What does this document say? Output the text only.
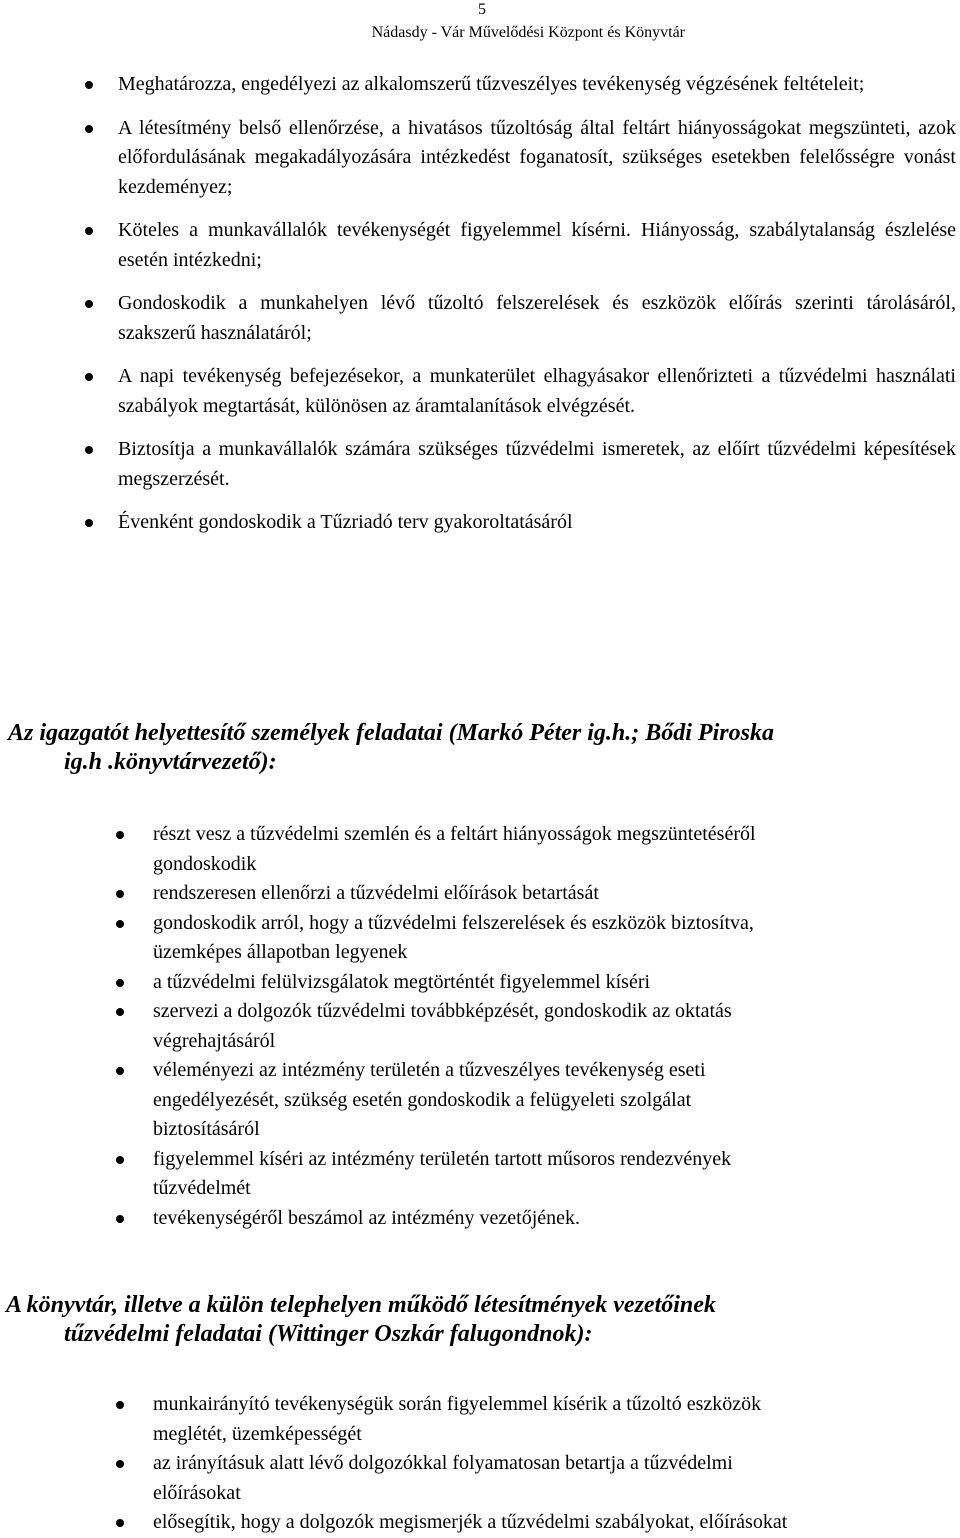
5
Nádasdy - Vár Művelődési Központ és Könyvtár
Meghatározza, engedélyezi az alkalomszerű tűzveszélyes tevékenység végzésének feltételeit;
A létesítmény belső ellenőrzése, a hivatásos tűzoltóság által feltárt hiányosságokat megszünteti, azok előfordulásának megakadályozására intézkedést foganatosít, szükséges esetekben felelősségre vonást kezdeményez;
Köteles a munkavállalók tevékenységét figyelemmel kísérni. Hiányosság, szabálytalanság észlelése esetén intézkedni;
Gondoskodik a munkahelyen lévő tűzoltó felszerelések és eszközök előírás szerinti tárolásáról, szakszerű használatáról;
A napi tevékenység befejezésekor, a munkaterület elhagyásakor ellenőrizteti a tűzvédelmi használati szabályok megtartását, különösen az áramtalanítások elvégzését.
Biztosítja a munkavállalók számára szükséges tűzvédelmi ismeretek, az előírt tűzvédelmi képesítések megszerzését.
Évenként gondoskodik a Tűzriadó terv gyakoroltatásáról
Az igazgatót helyettesítő személyek feladatai (Markó Péter ig.h.; Bődi Piroska
ig.h .könyvtárvezető):
részt vesz a tűzvédelmi szemlén és a feltárt hiányosságok megszüntetéséről
gondoskodik
rendszeresen ellenőrzi a tűzvédelmi előírások betartását
gondoskodik arról, hogy a tűzvédelmi felszerelések és eszközök biztosítva,
üzemképes állapotban legyenek
a tűzvédelmi felülvizsgálatok megtörténtét figyelemmel kíséri
szervezi a dolgozók tűzvédelmi továbbképzését, gondoskodik az oktatás
végrehajtásáról
véleményezi az intézmény területén a tűzveszélyes tevékenység eseti
engedélyezését, szükség esetén gondoskodik a felügyeleti szolgálat
biztosításáról
figyelemmel kíséri az intézmény területén tartott műsoros rendezvények
tűzvédelmét
tevékenységéről beszámol az intézmény vezetőjének.
A könyvtár, illetve a külön telephelyen működő létesítmények vezetőinek
tűzvédelmi feladatai (Wittinger Oszkár falugondnok):
munkairányító tevékenységük során figyelemmel kísérik a tűzoltó eszközök
meglétét, üzemképességét
az irányításuk alatt lévő dolgozókkal folyamatosan betartja a tűzvédelmi
előírásokat
elősegítik, hogy a dolgozók megismerjék a tűzvédelmi szabályokat, előírásokat
